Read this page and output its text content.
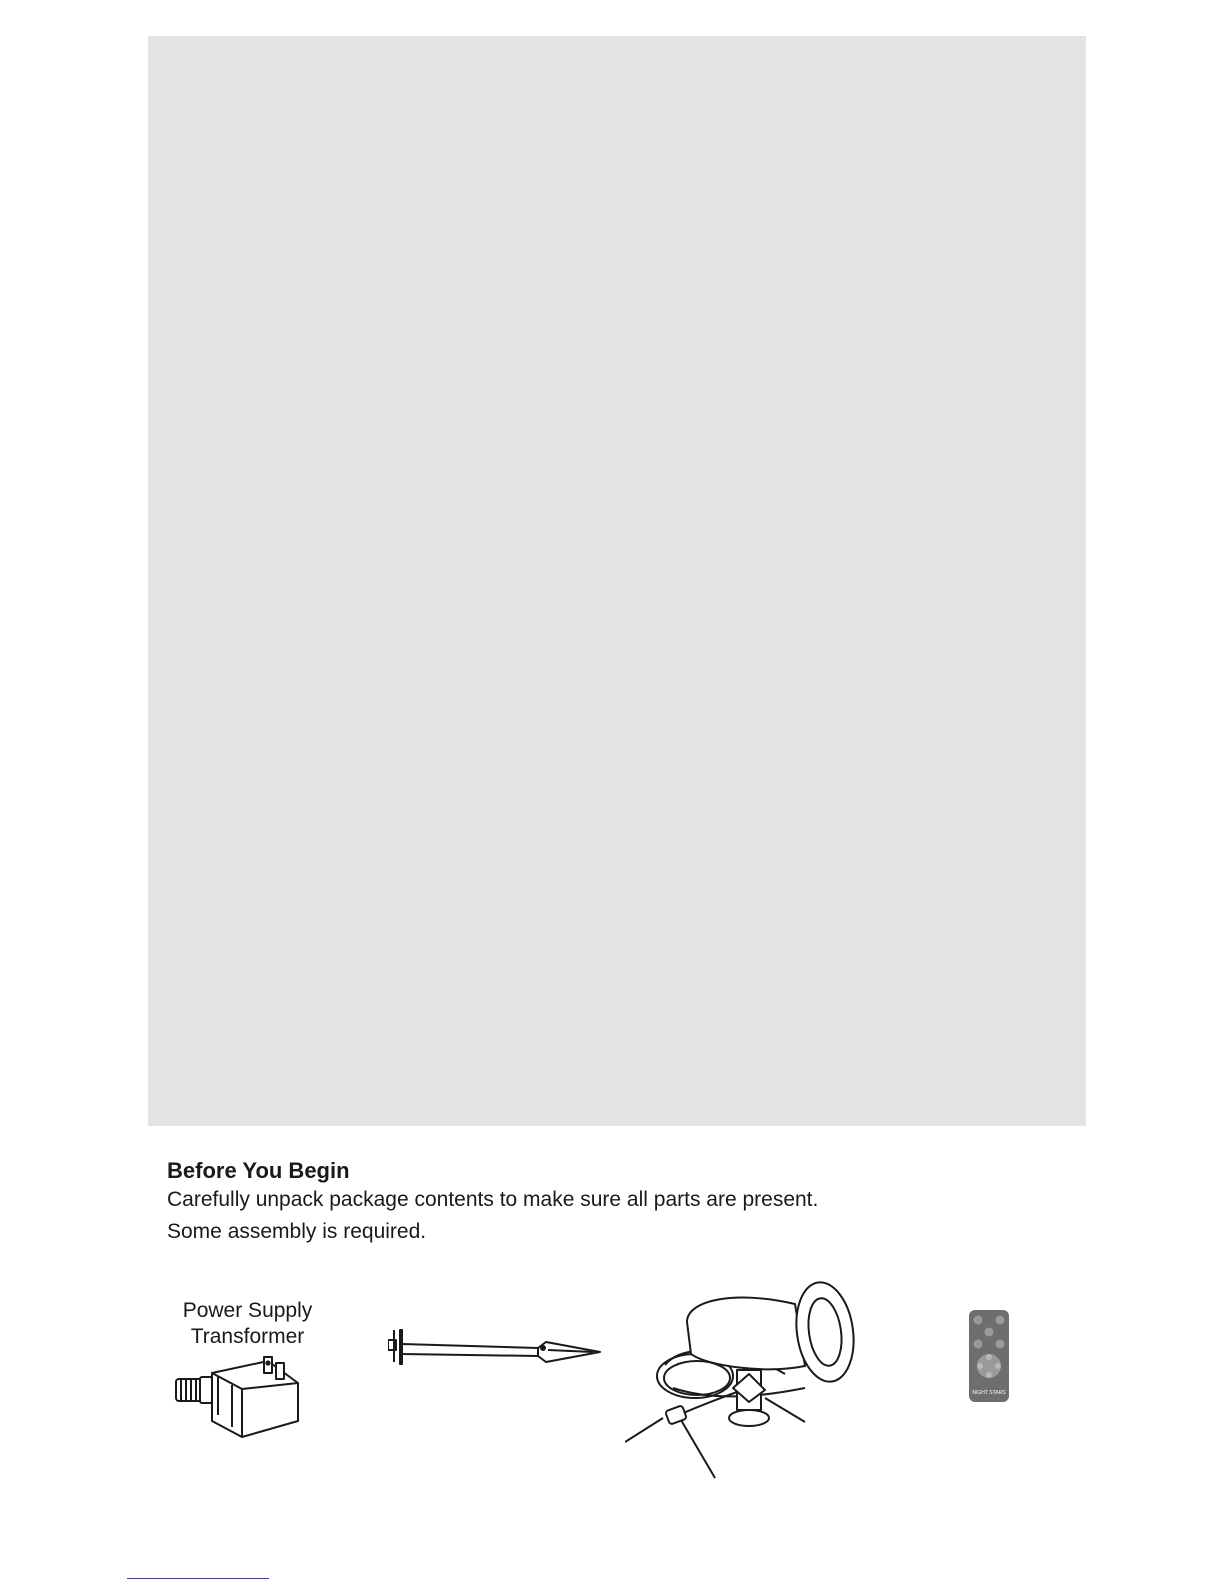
Before You Begin

Carefully unpack package contents to make sure all parts are present.

Some assembly is required.

Power Supply
Transformer
NIGHT STARS
